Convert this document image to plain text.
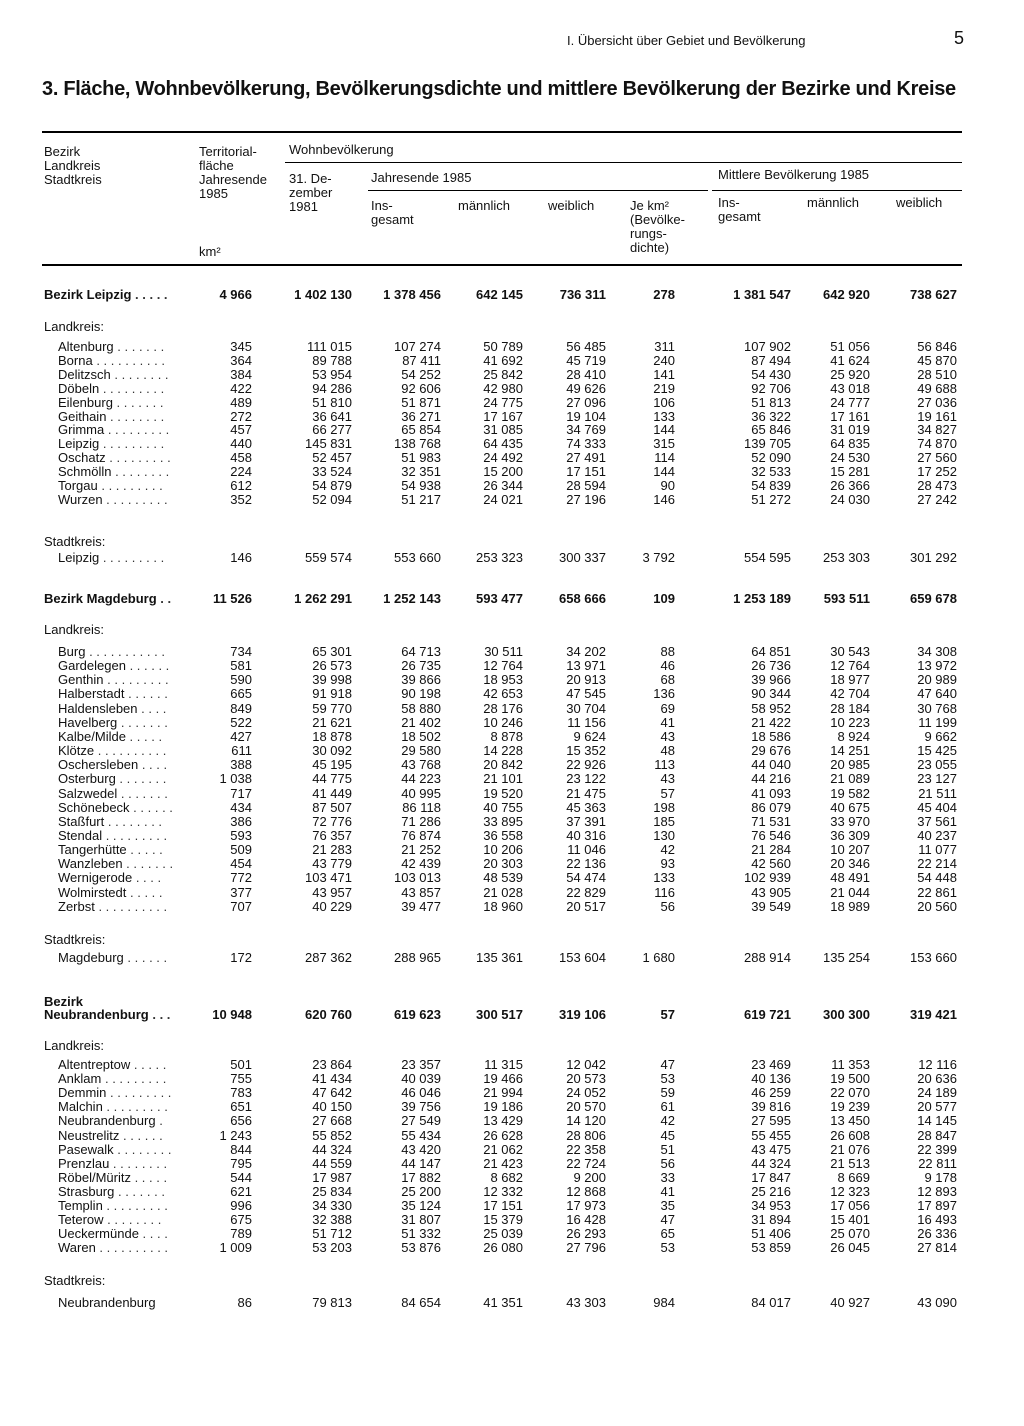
I. Übersicht über Gebiet und Bevölkerung	5
3. Fläche, Wohnbevölkerung, Bevölkerungsdichte und mittlere Bevölkerung der Bezirke und Kreise
Bezirk
Landkreis
Stadtkreis
Territorial-
fläche
Jahresende
1985
km²
Wohnbevölkerung
31. De-
zember
1981
Jahresende 1985
Ins-
gesamt
männlich	weiblich	Je km²
(Bevölke-
rungs-
dichte)
Mittlere Bevölkerung 1985
Ins-
gesamt
männlich	weiblich
Bezirk Leipzig . . . . .	4 966	1 402 130	1 378 456	642 145	736 311	278	1 381 547	642 920	738 627
Landkreis:
Altenburg . . . . . . .	345	111 015	107 274	50 789	56 485	311	107 902	51 056	56 846
Borna . . . . . . . . . .	364	89 788	87 411	41 692	45 719	240	87 494	41 624	45 870
Delitzsch . . . . . . . .	384	53 954	54 252	25 842	28 410	141	54 430	25 920	28 510
Döbeln . . . . . . . . .	422	94 286	92 606	42 980	49 626	219	92 706	43 018	49 688
Eilenburg . . . . . . .	489	51 810	51 871	24 775	27 096	106	51 813	24 777	27 036
Geithain . . . . . . . .	272	36 641	36 271	17 167	19 104	133	36 322	17 161	19 161
Grimma . . . . . . . . .	457	66 277	65 854	31 085	34 769	144	65 846	31 019	34 827
Leipzig . . . . . . . . .	440	145 831	138 768	64 435	74 333	315	139 705	64 835	74 870
Oschatz . . . . . . . . .	458	52 457	51 983	24 492	27 491	114	52 090	24 530	27 560
Schmölln . . . . . . . .	224	33 524	32 351	15 200	17 151	144	32 533	15 281	17 252
Torgau . . . . . . . . .	612	54 879	54 938	26 344	28 594	90	54 839	26 366	28 473
Wurzen . . . . . . . . .	352	52 094	51 217	24 021	27 196	146	51 272	24 030	27 242
Stadtkreis:
Leipzig . . . . . . . . .	146	559 574	553 660	253 323	300 337	3 792	554 595	253 303	301 292
Bezirk Magdeburg . .	11 526	1 262 291	1 252 143	593 477	658 666	109	1 253 189	593 511	659 678
Landkreis:
Burg . . . . . . . . . . .	734	65 301	64 713	30 511	34 202	88	64 851	30 543	34 308
Gardelegen . . . . . .	581	26 573	26 735	12 764	13 971	46	26 736	12 764	13 972
Genthin . . . . . . . . .	590	39 998	39 866	18 953	20 913	68	39 966	18 977	20 989
Halberstadt . . . . . .	665	91 918	90 198	42 653	47 545	136	90 344	42 704	47 640
Haldensleben . . . .	849	59 770	58 880	28 176	30 704	69	58 952	28 184	30 768
Havelberg . . . . . . .	522	21 621	21 402	10 246	11 156	41	21 422	10 223	11 199
Kalbe/Milde . . . . .	427	18 878	18 502	8 878	9 624	43	18 586	8 924	9 662
Klötze . . . . . . . . . .	611	30 092	29 580	14 228	15 352	48	29 676	14 251	15 425
Oschersleben . . . .	388	45 195	43 768	20 842	22 926	113	44 040	20 985	23 055
Osterburg . . . . . . .	1 038	44 775	44 223	21 101	23 122	43	44 216	21 089	23 127
Salzwedel . . . . . . .	717	41 449	40 995	19 520	21 475	57	41 093	19 582	21 511
Schönebeck . . . . . .	434	87 507	86 118	40 755	45 363	198	86 079	40 675	45 404
Staßfurt . . . . . . . .	386	72 776	71 286	33 895	37 391	185	71 531	33 970	37 561
Stendal . . . . . . . . .	593	76 357	76 874	36 558	40 316	130	76 546	36 309	40 237
Tangerhütte . . . . .	509	21 283	21 252	10 206	11 046	42	21 284	10 207	11 077
Wanzleben . . . . . . .	454	43 779	42 439	20 303	22 136	93	42 560	20 346	22 214
Wernigerode . . . .	772	103 471	103 013	48 539	54 474	133	102 939	48 491	54 448
Wolmirstedt . . . . .	377	43 957	43 857	21 028	22 829	116	43 905	21 044	22 861
Zerbst . . . . . . . . . .	707	40 229	39 477	18 960	20 517	56	39 549	18 989	20 560
Stadtkreis:
Magdeburg . . . . . .	172	287 362	288 965	135 361	153 604	1 680	288 914	135 254	153 660
Bezirk
Neubrandenburg . . .	10 948	620 760	619 623	300 517	319 106	57	619 721	300 300	319 421
Landkreis:
Altentreptow . . . . .	501	23 864	23 357	11 315	12 042	47	23 469	11 353	12 116
Anklam . . . . . . . . .	755	41 434	40 039	19 466	20 573	53	40 136	19 500	20 636
Demmin . . . . . . . . .	783	47 642	46 046	21 994	24 052	59	46 259	22 070	24 189
Malchin . . . . . . . . .	651	40 150	39 756	19 186	20 570	61	39 816	19 239	20 577
Neubrandenburg .	656	27 668	27 549	13 429	14 120	42	27 595	13 450	14 145
Neustrelitz . . . . . .	1 243	55 852	55 434	26 628	28 806	45	55 455	26 608	28 847
Pasewalk . . . . . . . .	844	44 324	43 420	21 062	22 358	51	43 475	21 076	22 399
Prenzlau . . . . . . . .	795	44 559	44 147	21 423	22 724	56	44 324	21 513	22 811
Röbel/Müritz . . . . .	544	17 987	17 882	8 682	9 200	33	17 847	8 669	9 178
Strasburg . . . . . . .	621	25 834	25 200	12 332	12 868	41	25 216	12 323	12 893
Templin . . . . . . . . .	996	34 330	35 124	17 151	17 973	35	34 953	17 056	17 897
Teterow . . . . . . . .	675	32 388	31 807	15 379	16 428	47	31 894	15 401	16 493
Ueckermünde . . . .	789	51 712	51 332	25 039	26 293	65	51 406	25 070	26 336
Waren . . . . . . . . . .	1 009	53 203	53 876	26 080	27 796	53	53 859	26 045	27 814
Stadtkreis:
Neubrandenburg	86	79 813	84 654	41 351	43 303	984	84 017	40 927	43 090
